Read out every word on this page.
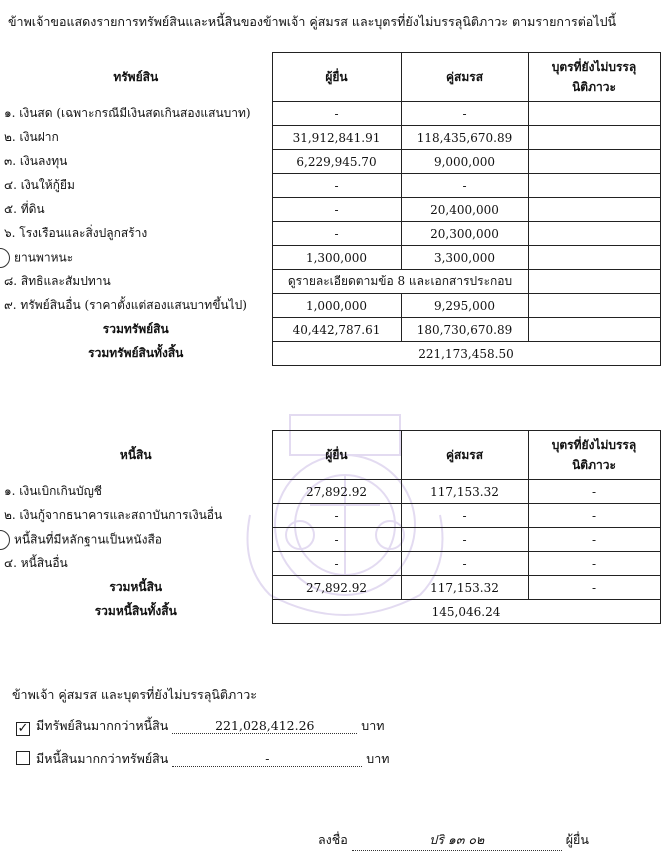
ข้าพเจ้าขอแสดงรายการทรัพย์สินและหนี้สินของข้าพเจ้า คู่สมรส และบุตรที่ยังไม่บรรลุนิติภาวะ ตามรายการต่อไปนี้
ทรัพย์สิน	ผู้ยื่น	คู่สมรส	บุตรที่ยังไม่บรรลุ
นิติภาวะ

๑. เงินสด (เฉพาะกรณีมีเงินสดเกินสองแสนบาท)	-	-	
๒. เงินฝาก	31,912,841.91	118,435,670.89	
๓. เงินลงทุน	6,229,945.70	9,000,000	
๔. เงินให้กู้ยืม	-	-	
๕. ที่ดิน	-	20,400,000	
๖. โรงเรือนและสิ่งปลูกสร้าง	-	20,300,000	
ยานพาหนะ	1,300,000	3,300,000	
๘. สิทธิและสัมปทาน	ดูรายละเอียดตามข้อ 8 และเอกสารประกอบ		
๙. ทรัพย์สินอื่น (ราคาตั้งแต่สองแสนบาทขึ้นไป)	1,000,000	9,295,000	
รวมทรัพย์สิน	40,442,787.61	180,730,670.89	
รวมทรัพย์สินทั้งสิ้น	221,173,458.50		
หนี้สิน	ผู้ยื่น	คู่สมรส	บุตรที่ยังไม่บรรลุ
นิติภาวะ

๑. เงินเบิกเกินบัญชี	27,892.92	117,153.32	-
๒. เงินกู้จากธนาคารและสถาบันการเงินอื่น	-	-	-
หนี้สินที่มีหลักฐานเป็นหนังสือ	-	-	-
๔. หนี้สินอื่น	-	-	-
รวมหนี้สิน	27,892.92	117,153.32	-
รวมหนี้สินทั้งสิ้น	145,046.24		
ข้าพเจ้า คู่สมรส และบุตรที่ยังไม่บรรลุนิติภาวะ
✓ มีทรัพย์สินมากกว่าหนี้สิน	221,028,412.26	บาท
มีหนี้สินมากกว่าทรัพย์สิน	-	บาท
ลงชื่อ	ปริ ๑๓ ๐๒	ผู้ยื่น
